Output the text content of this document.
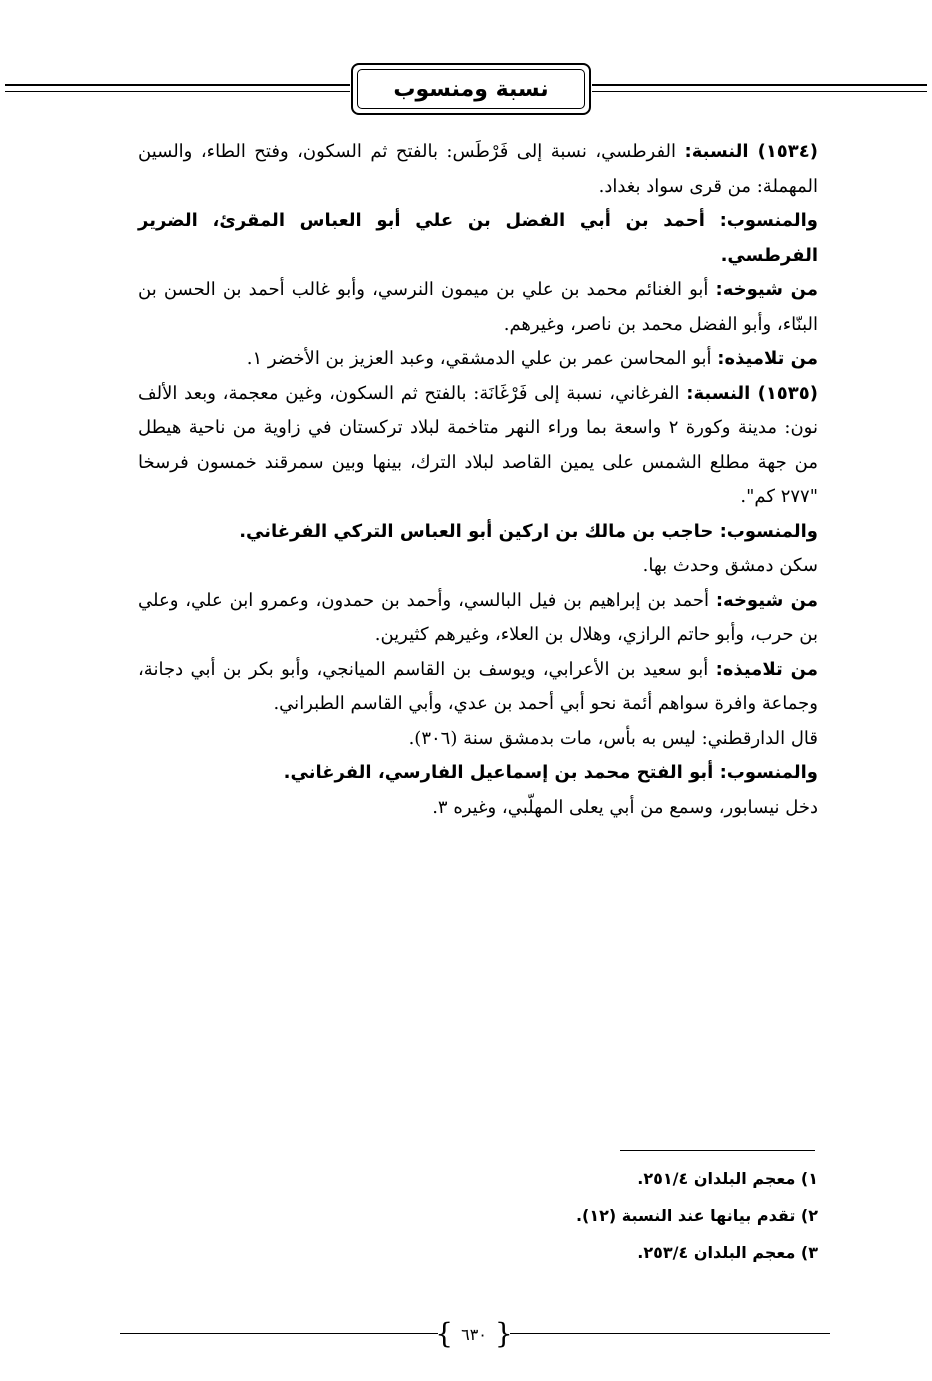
نسبة ومنسوب

(١٥٣٤) النسبة: الفرطسي، نسبة إلى فَرْطَس: بالفتح ثم السكون، وفتح الطاء، والسين المهملة: من قرى سواد بغداد.

والمنسوب: أحمد بن أبي الفضل بن علي أبو العباس المقرئ، الضرير الفرطسي.

من شيوخه: أبو الغنائم محمد بن علي بن ميمون النرسي، وأبو غالب أحمد بن الحسن بن البنّاء، وأبو الفضل محمد بن ناصر، وغيرهم.

من تلاميذه: أبو المحاسن عمر بن علي الدمشقي، وعبد العزيز بن الأخضر ١.

(١٥٣٥) النسبة: الفرغاني، نسبة إلى فَرْغَانَة: بالفتح ثم السكون، وغين معجمة، وبعد الألف نون: مدينة وكورة ٢ واسعة بما وراء النهر متاخمة لبلاد تركستان في زاوية من ناحية هيطل من جهة مطلع الشمس على يمين القاصد لبلاد الترك، بينها وبين سمرقند خمسون فرسخا "٢٧٧ كم".

والمنسوب: حاجب بن مالك بن اركين أبو العباس التركي الفرغاني.

سكن دمشق وحدث بها.

من شيوخه: أحمد بن إبراهيم بن فيل البالسي، وأحمد بن حمدون، وعمرو ابن علي، وعلي بن حرب، وأبو حاتم الرازي، وهلال بن العلاء، وغيرهم كثيرين.

من تلاميذه: أبو سعيد بن الأعرابي، ويوسف بن القاسم الميانجي، وأبو بكر بن أبي دجانة، وجماعة وافرة سواهم أئمة نحو أبي أحمد بن عدي، وأبي القاسم الطبراني.

قال الدارقطني: ليس به بأس، مات بدمشق سنة (٣٠٦).

والمنسوب: أبو الفتح محمد بن إسماعيل الفارسي، الفرغاني.

دخل نيسابور، وسمع من أبي يعلى المهلّبي، وغيره ٣.

١) معجم البلدان ٢٥١/٤.

٢) تقدم بيانها عند النسبة (١٢).

٣) معجم البلدان ٢٥٣/٤.

{ ٦٣٠ }
